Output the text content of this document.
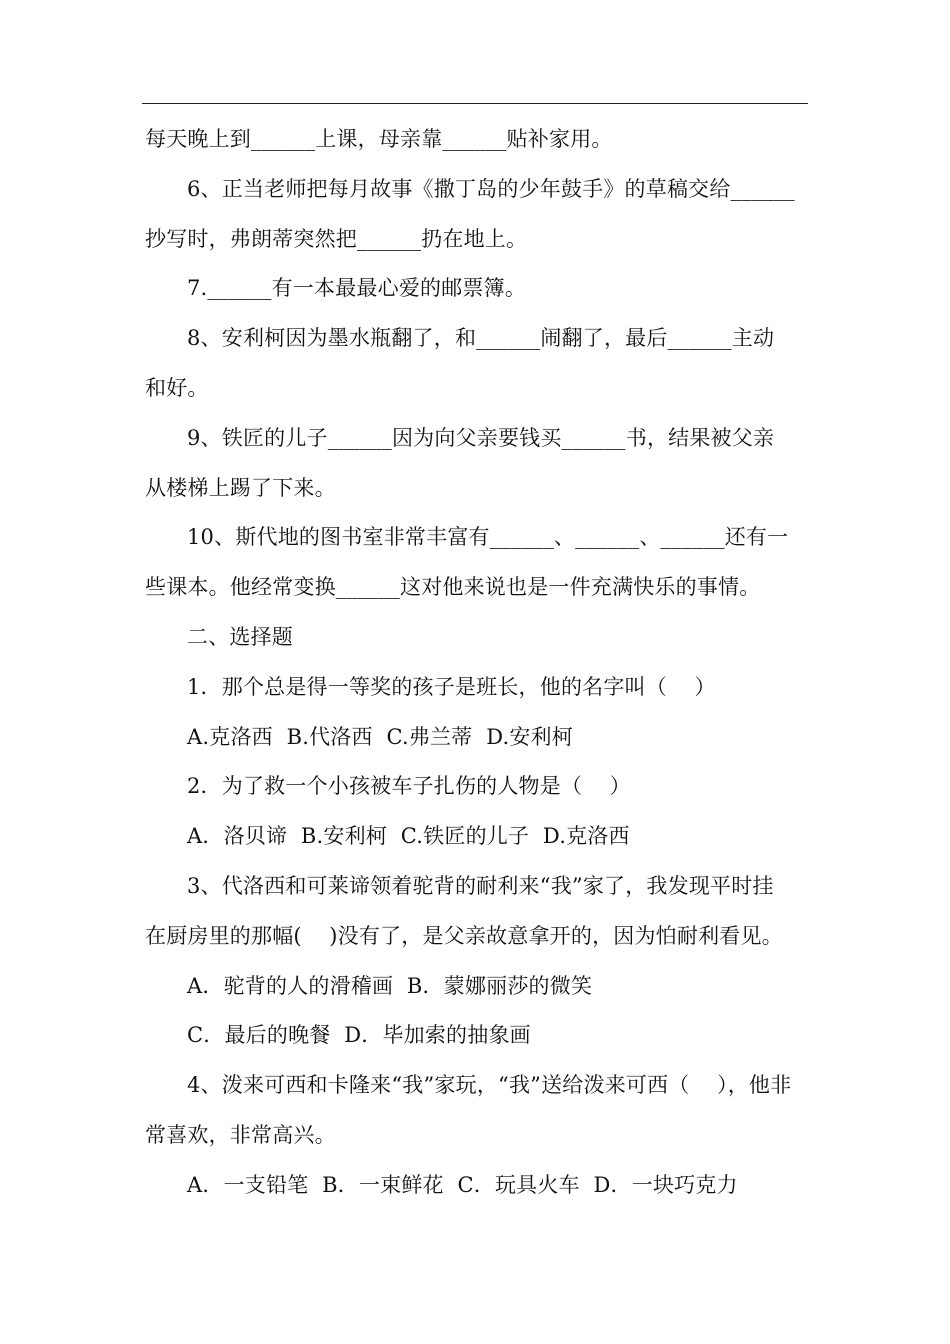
每天晚上到______上课，母亲靠______贴补家用。
6、正当老师把每月故事《撒丁岛的少年鼓手》的草稿交给______
抄写时，弗朗蒂突然把______扔在地上。
7.______有一本最最心爱的邮票簿。
8、安利柯因为墨水瓶翻了，和______闹翻了，最后______主动
和好。
9、铁匠的儿子______因为向父亲要钱买______书，结果被父亲
从楼梯上踢了下来。
10、斯代地的图书室非常丰富有______、______、______还有一
些课本。他经常变换______这对他来说也是一件充满快乐的事情。
二、选择题
1．那个总是得一等奖的孩子是班长，他的名字叫（    ）
A.克洛西  B.代洛西  C.弗兰蒂  D.安利柯
2．为了救一个小孩被车子扎伤的人物是（    ）
A．洛贝谛  B.安利柯  C.铁匠的儿子  D.克洛西
3、代洛西和可莱谛领着驼背的耐利来“我”家了，我发现平时挂
在厨房里的那幅(    )没有了，是父亲故意拿开的，因为怕耐利看见。
A．驼背的人的滑稽画  B．蒙娜丽莎的微笑
C．最后的晚餐  D．毕加索的抽象画
4、泼来可西和卡隆来“我”家玩，“我”送给泼来可西（    ），他非
常喜欢，非常高兴。
A．一支铅笔  B．一束鲜花  C．玩具火车  D．一块巧克力
